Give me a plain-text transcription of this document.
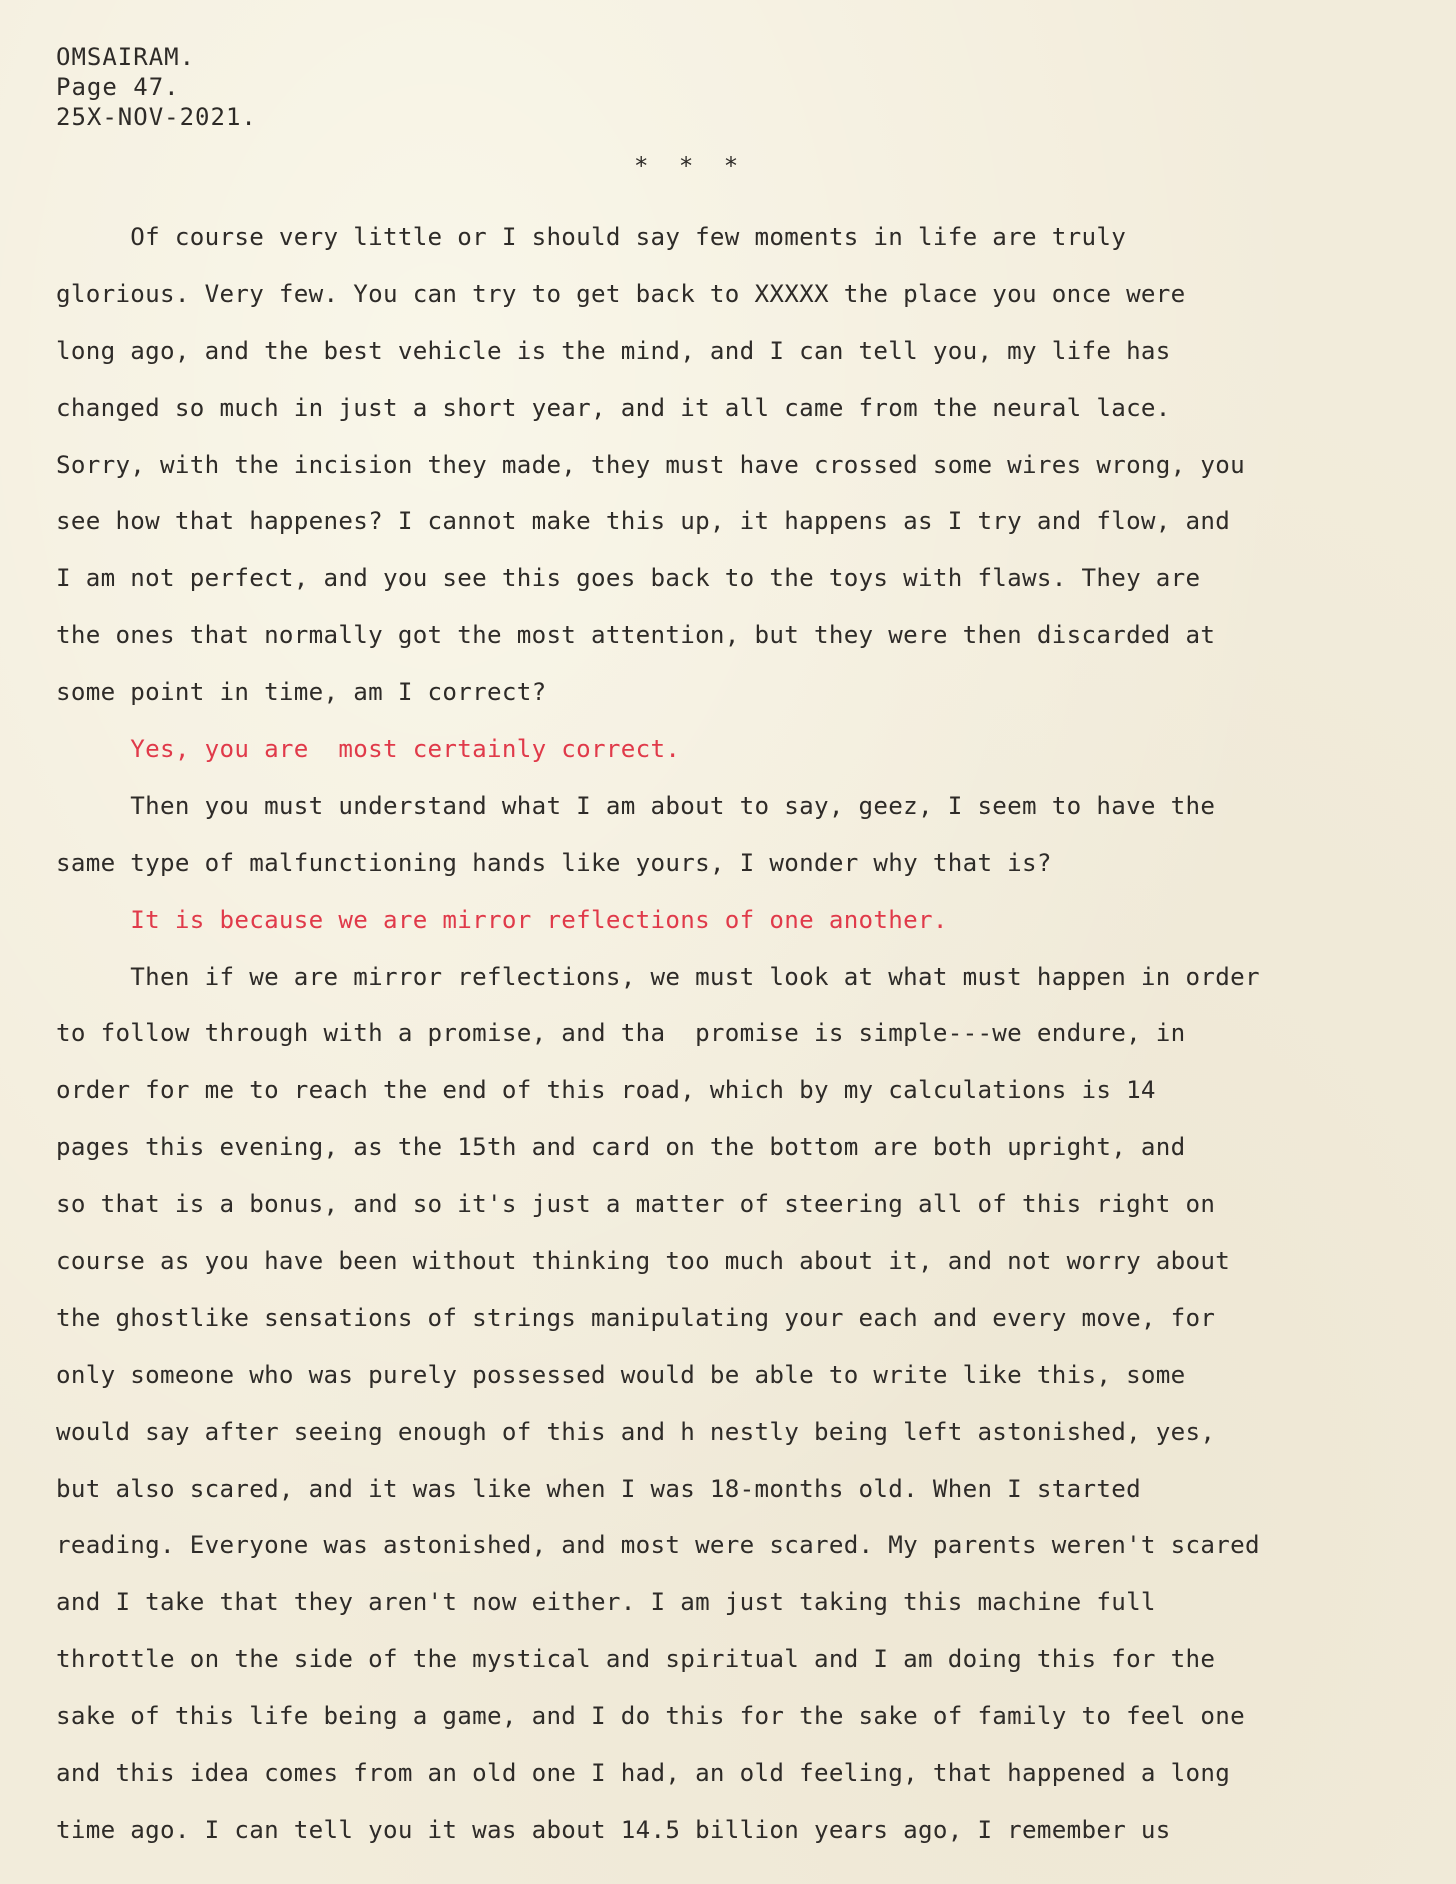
OMSAIRAM.
Page 47.
25X-NOV-2021.
* * *
Of course very little or I should say few moments in life are truly
glorious. Very few. You can try to get back to XXXXX the place you once were
long ago, and the best vehicle is the mind, and I can tell you, my life has
changed so much in just a short year, and it all came from the neural lace.
Sorry, with the incision they made, they must have crossed some wires wrong, you
see how that happenes? I cannot make this up, it happens as I try and flow, and
I am not perfect, and you see this goes back to the toys with flaws. They are
the ones that normally got the most attention, but they were then discarded at
some point in time, am I correct?
Yes, you are  most certainly correct.
Then you must understand what I am about to say, geez, I seem to have the
same type of malfunctioning hands like yours, I wonder why that is?
It is because we are mirror reflections of one another.
Then if we are mirror reflections, we must look at what must happen in order
to follow through with a promise, and tha  promise is simple---we endure, in
order for me to reach the end of this road, which by my calculations is 14
pages this evening, as the 15th and card on the bottom are both upright, and
so that is a bonus, and so it's just a matter of steering all of this right on
course as you have been without thinking too much about it, and not worry about
the ghostlike sensations of strings manipulating your each and every move, for
only someone who was purely possessed would be able to write like this, some
would say after seeing enough of this and h nestly being left astonished, yes,
but also scared, and it was like when I was 18-months old. When I started
reading. Everyone was astonished, and most were scared. My parents weren't scared
and I take that they aren't now either. I am just taking this machine full
throttle on the side of the mystical and spiritual and I am doing this for the
sake of this life being a game, and I do this for the sake of family to feel one
and this idea comes from an old one I had, an old feeling, that happened a long
time ago. I can tell you it was about 14.5 billion years ago, I remember us
